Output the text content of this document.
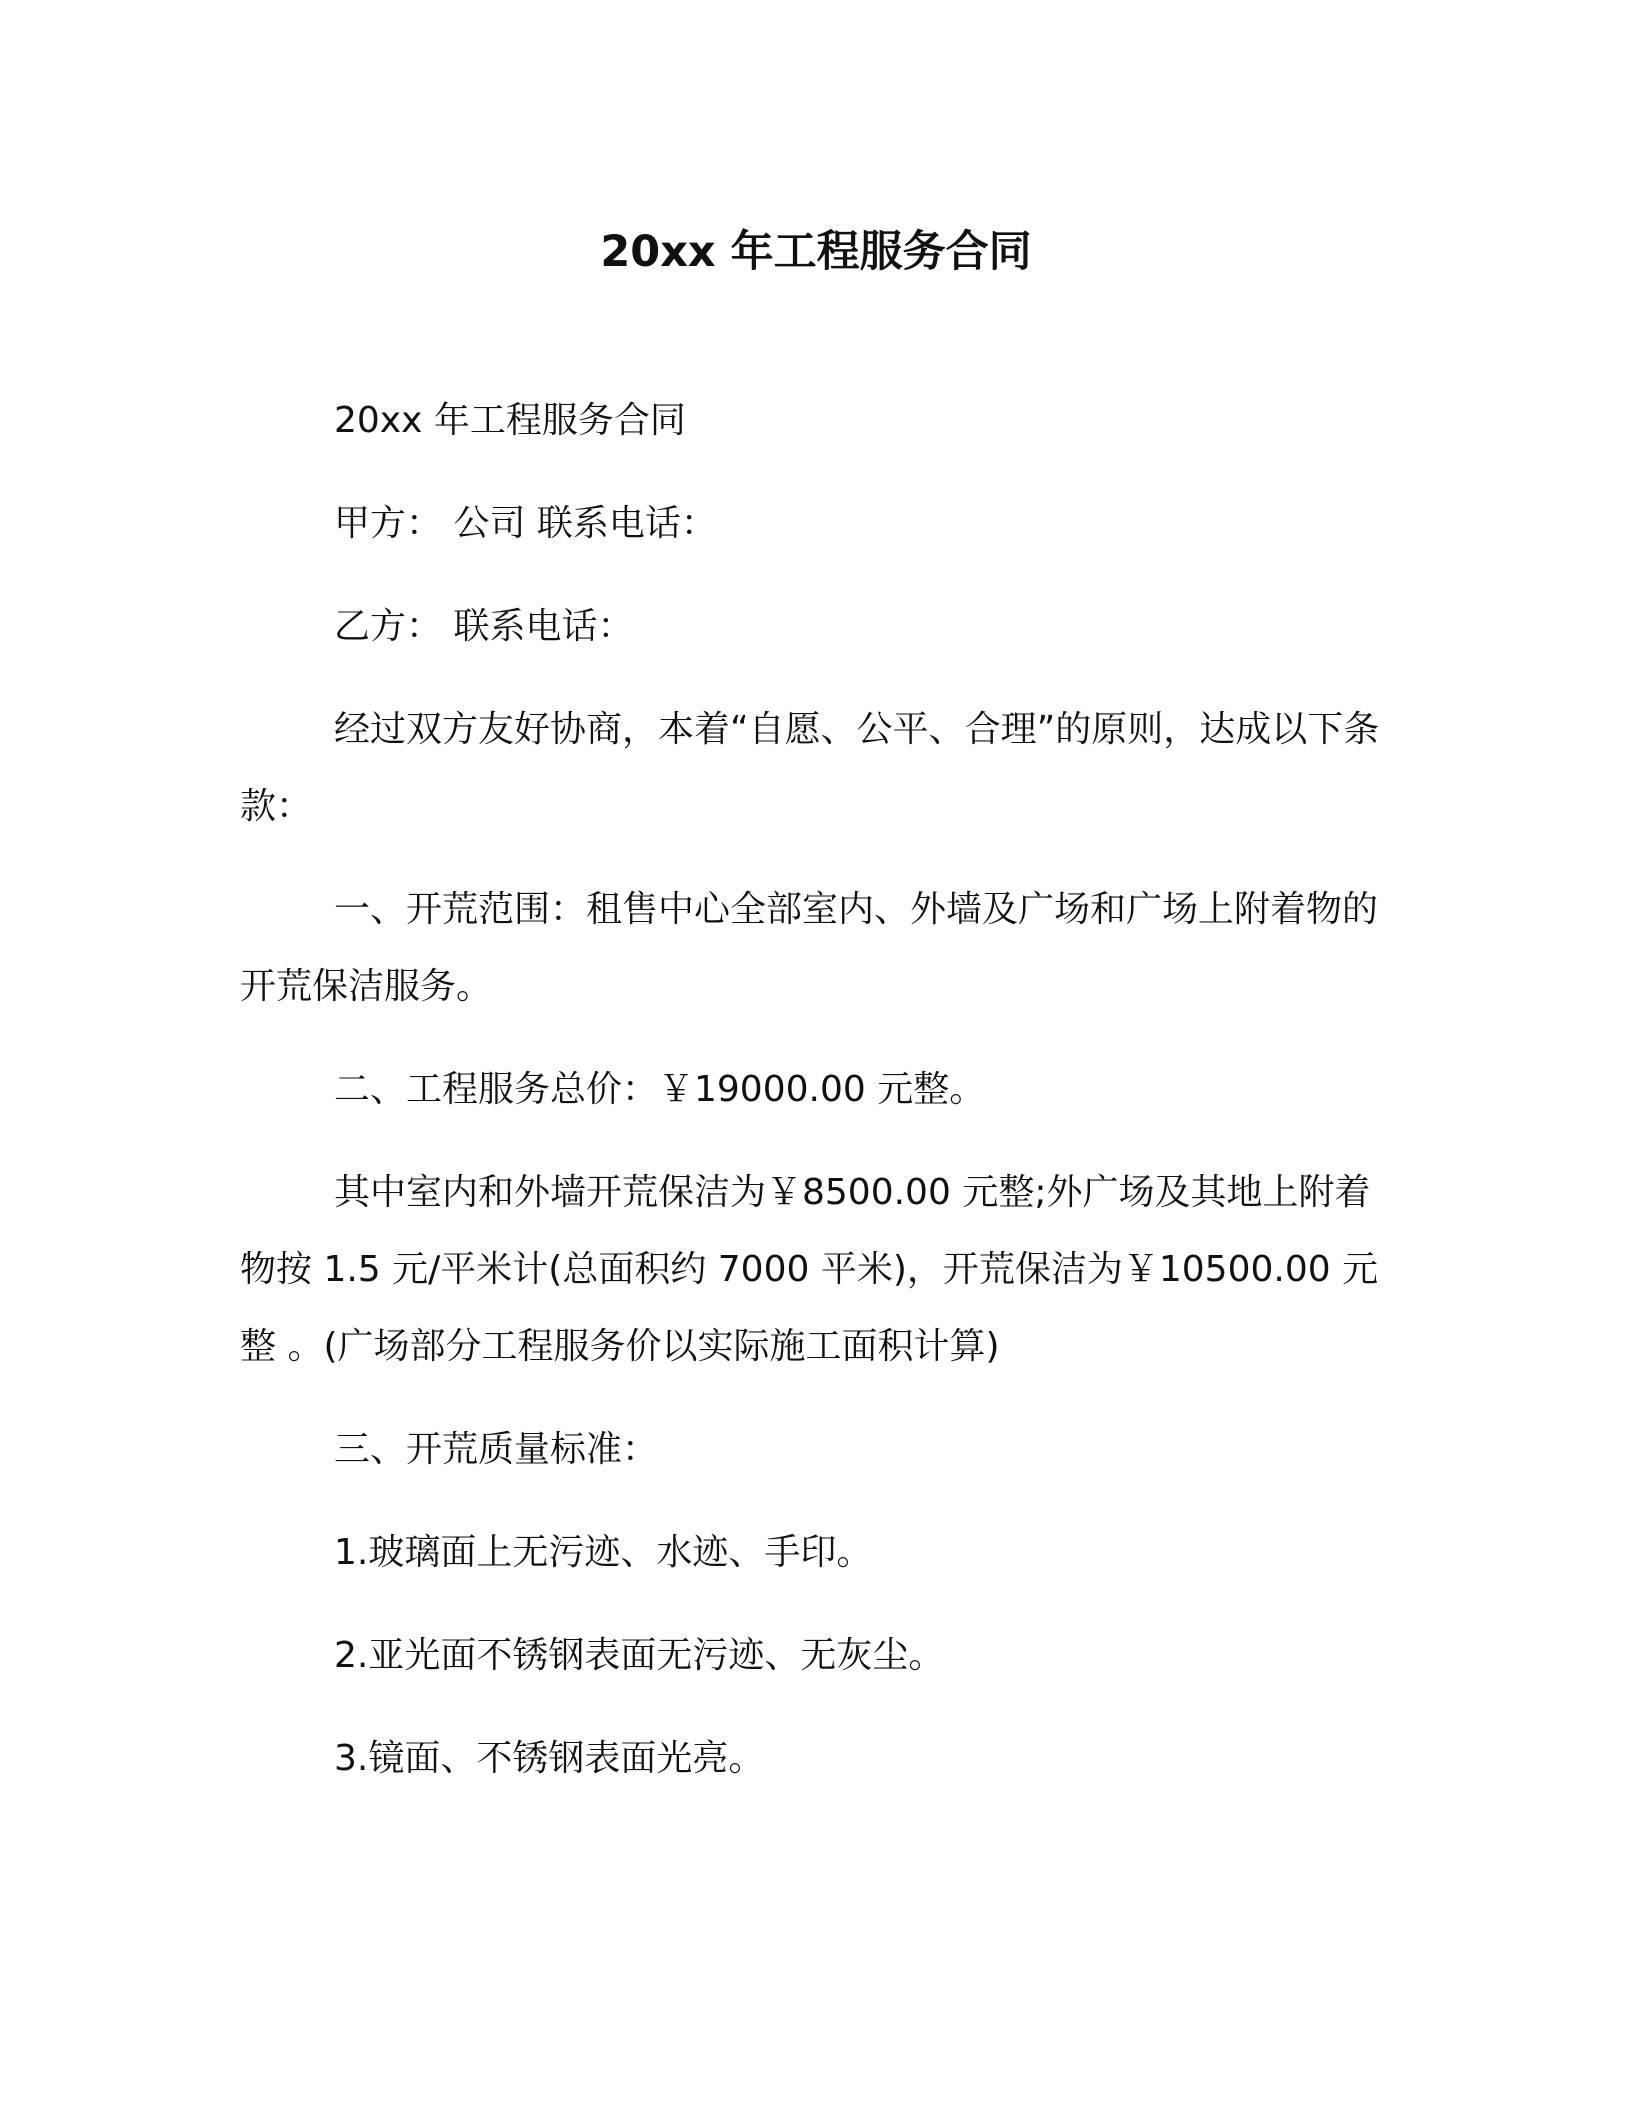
20xx 年工程服务合同

20xx 年工程服务合同

甲方： 公司 联系电话：

乙方： 联系电话：

经过双方友好协商，本着“自愿、公平、合理”的原则，达成以下条款：

一、开荒范围：租售中心全部室内、外墙及广场和广场上附着物的开荒保洁服务。

二、工程服务总价：￥19000.00 元整。

其中室内和外墙开荒保洁为￥8500.00 元整;外广场及其地上附着物按 1.5 元/平米计(总面积约 7000 平米)，开荒保洁为￥10500.00 元整 。(广场部分工程服务价以实际施工面积计算)

三、开荒质量标准：

1.玻璃面上无污迹、水迹、手印。

2.亚光面不锈钢表面无污迹、无灰尘。

3.镜面、不锈钢表面光亮。
